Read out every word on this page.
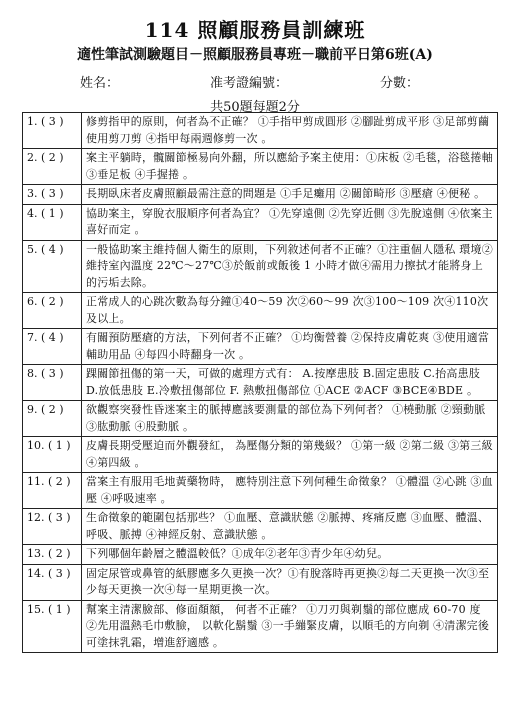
114 照顧服務員訓練班
適性筆試測驗題目－照顧服務員專班－職前平日第6班(A)
姓名：	准考證編號：	分數：
共50題每題2分
1. ( 3 )	修剪指甲的原則，何者為不正確？ ①手指甲剪成圓形 ②腳趾剪成平形 ③足部剪繭使用剪刀剪 ④指甲每兩週修剪一次 。
2. ( 2 )	案主平躺時，髖關節極易向外翻，所以應給予案主使用：①床板 ②毛毯，浴毯捲軸 ③垂足板 ④手握捲 。
3. ( 3 )	長期臥床者皮膚照顧最需注意的問題是 ①手足癱用 ②關節畸形 ③壓瘡 ④便秘 。
4. ( 1 )	協助案主，穿脫衣服順序何者為宜？ ①先穿遠側 ②先穿近側 ③先脫遠側 ④依案主喜好而定 。
5. ( 4 )	一般協助案主維持個人衛生的原則，下列敘述何者不正確？①注重個人隱私 環境②維持室內溫度 22℃～27℃③於飯前或飯後 1 小時才做④需用力擦拭才能將身上的污垢去除。
6. ( 2 )	正常成人的心跳次數為每分鐘①40～59 次②60～99 次③100～109 次④110次及以上。
7. ( 4 )	有關預防壓瘡的方法，下列何者不正確？ ①均衡營養 ②保持皮膚乾爽 ③使用適當輔助用品 ④每四小時翻身一次 。
8. ( 3 )	踝關節扭傷的第一天，可做的處理方式有： A.按摩患肢 B.固定患肢 C.抬高患肢 D.放低患肢 E.冷敷扭傷部位 F. 熱敷扭傷部位 ①ACE ②ACF ③BCE④BDE 。
9. ( 2 )	欲觀察突發性昏迷案主的脈搏應該要測量的部位為下列何者？ ①橈動脈 ②頸動脈 ③肱動脈 ④股動脈 。
10. ( 1 )	皮膚長期受壓迫而外觀發紅， 為壓傷分類的第幾級？ ①第一級 ②第二級 ③第三級 ④第四級 。
11. ( 2 )	當案主有服用毛地黃藥物時， 應特別注意下列何種生命徵象？ ①體溫 ②心跳 ③血壓 ④呼吸速率 。
12. ( 3 )	生命徵象的範圍包括那些？ ①血壓、意識狀態 ②脈搏、疼痛反應 ③血壓、體溫、呼吸、脈搏 ④神經反射、意識狀態 。
13. ( 2 )	下列哪個年齡層之體溫較低？①成年②老年③青少年④幼兒。
14. ( 3 )	固定尿管或鼻管的紙膠應多久更換一次？①有脫落時再更換②每二天更換一次③至少每天更換一次④每一星期更換一次。
15. ( 1 )	幫案主清潔臉部、修面顏額， 何者不正確？ ①刀刃與剃鬚的部位應成 60-70 度 ②先用溫熱毛巾敷臉， 以軟化鬍鬚 ③一手繃緊皮膚，以順毛的方向剃 ④清潔完後可塗抹乳霜，增進舒適感 。
